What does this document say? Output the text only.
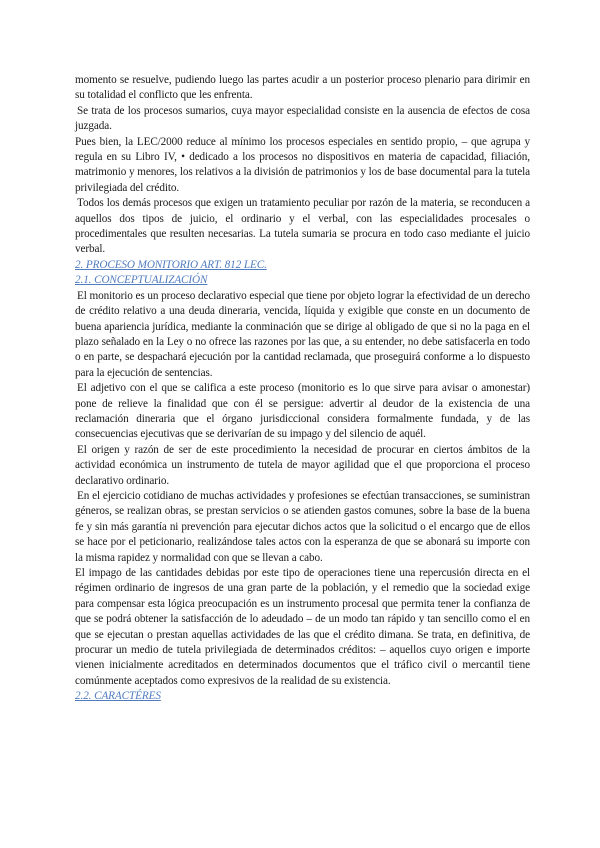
momento se resuelve, pudiendo luego las partes acudir a un posterior proceso plenario para dirimir en su totalidad el conflicto que les enfrenta.

Se trata de los procesos sumarios, cuya mayor especialidad consiste en la ausencia de efectos de cosa juzgada.

Pues bien, la LEC/2000 reduce al mínimo los procesos especiales en sentido propio, – que agrupa y regula en su Libro IV, • dedicado a los procesos no dispositivos en materia de capacidad, filiación, matrimonio y menores, los relativos a la división de patrimonios y los de base documental para la tutela privilegiada del crédito.

Todos los demás procesos que exigen un tratamiento peculiar por razón de la materia, se reconducen a aquellos dos tipos de juicio, el ordinario y el verbal, con las especialidades procesales o procedimentales que resulten necesarias. La tutela sumaria se procura en todo caso mediante el juicio verbal.

2. PROCESO MONITORIO ART. 812 LEC.

2.1. CONCEPTUALIZACIÓN

El monitorio es un proceso declarativo especial que tiene por objeto lograr la efectividad de un derecho de crédito relativo a una deuda dineraria, vencida, líquida y exigible que conste en un documento de buena apariencia jurídica, mediante la conminación que se dirige al obligado de que si no la paga en el plazo señalado en la Ley o no ofrece las razones por las que, a su entender, no debe satisfacerla en todo o en parte, se despachará ejecución por la cantidad reclamada, que proseguirá conforme a lo dispuesto para la ejecución de sentencias.

El adjetivo con el que se califica a este proceso (monitorio es lo que sirve para avisar o amonestar) pone de relieve la finalidad que con él se persigue: advertir al deudor de la existencia de una reclamación dineraria que el órgano jurisdiccional considera formalmente fundada, y de las consecuencias ejecutivas que se derivarían de su impago y del silencio de aquél.

El origen y razón de ser de este procedimiento la necesidad de procurar en ciertos ámbitos de la actividad económica un instrumento de tutela de mayor agilidad que el que proporciona el proceso declarativo ordinario.

En el ejercicio cotidiano de muchas actividades y profesiones se efectúan transacciones, se suministran géneros, se realizan obras, se prestan servicios o se atienden gastos comunes, sobre la base de la buena fe y sin más garantía ni prevención para ejecutar dichos actos que la solicitud o el encargo que de ellos se hace por el peticionario, realizándose tales actos con la esperanza de que se abonará su importe con la misma rapidez y normalidad con que se llevan a cabo.

El impago de las cantidades debidas por este tipo de operaciones tiene una repercusión directa en el régimen ordinario de ingresos de una gran parte de la población, y el remedio que la sociedad exige para compensar esta lógica preocupación es un instrumento procesal que permita tener la confianza de que se podrá obtener la satisfacción de lo adeudado – de un modo tan rápido y tan sencillo como el en que se ejecutan o prestan aquellas actividades de las que el crédito dimana. Se trata, en definitiva, de procurar un medio de tutela privilegiada de determinados créditos: – aquellos cuyo origen e importe vienen inicialmente acreditados en determinados documentos que el tráfico civil o mercantil tiene comúnmente aceptados como expresivos de la realidad de su existencia.

2.2. CARACTÉRES
